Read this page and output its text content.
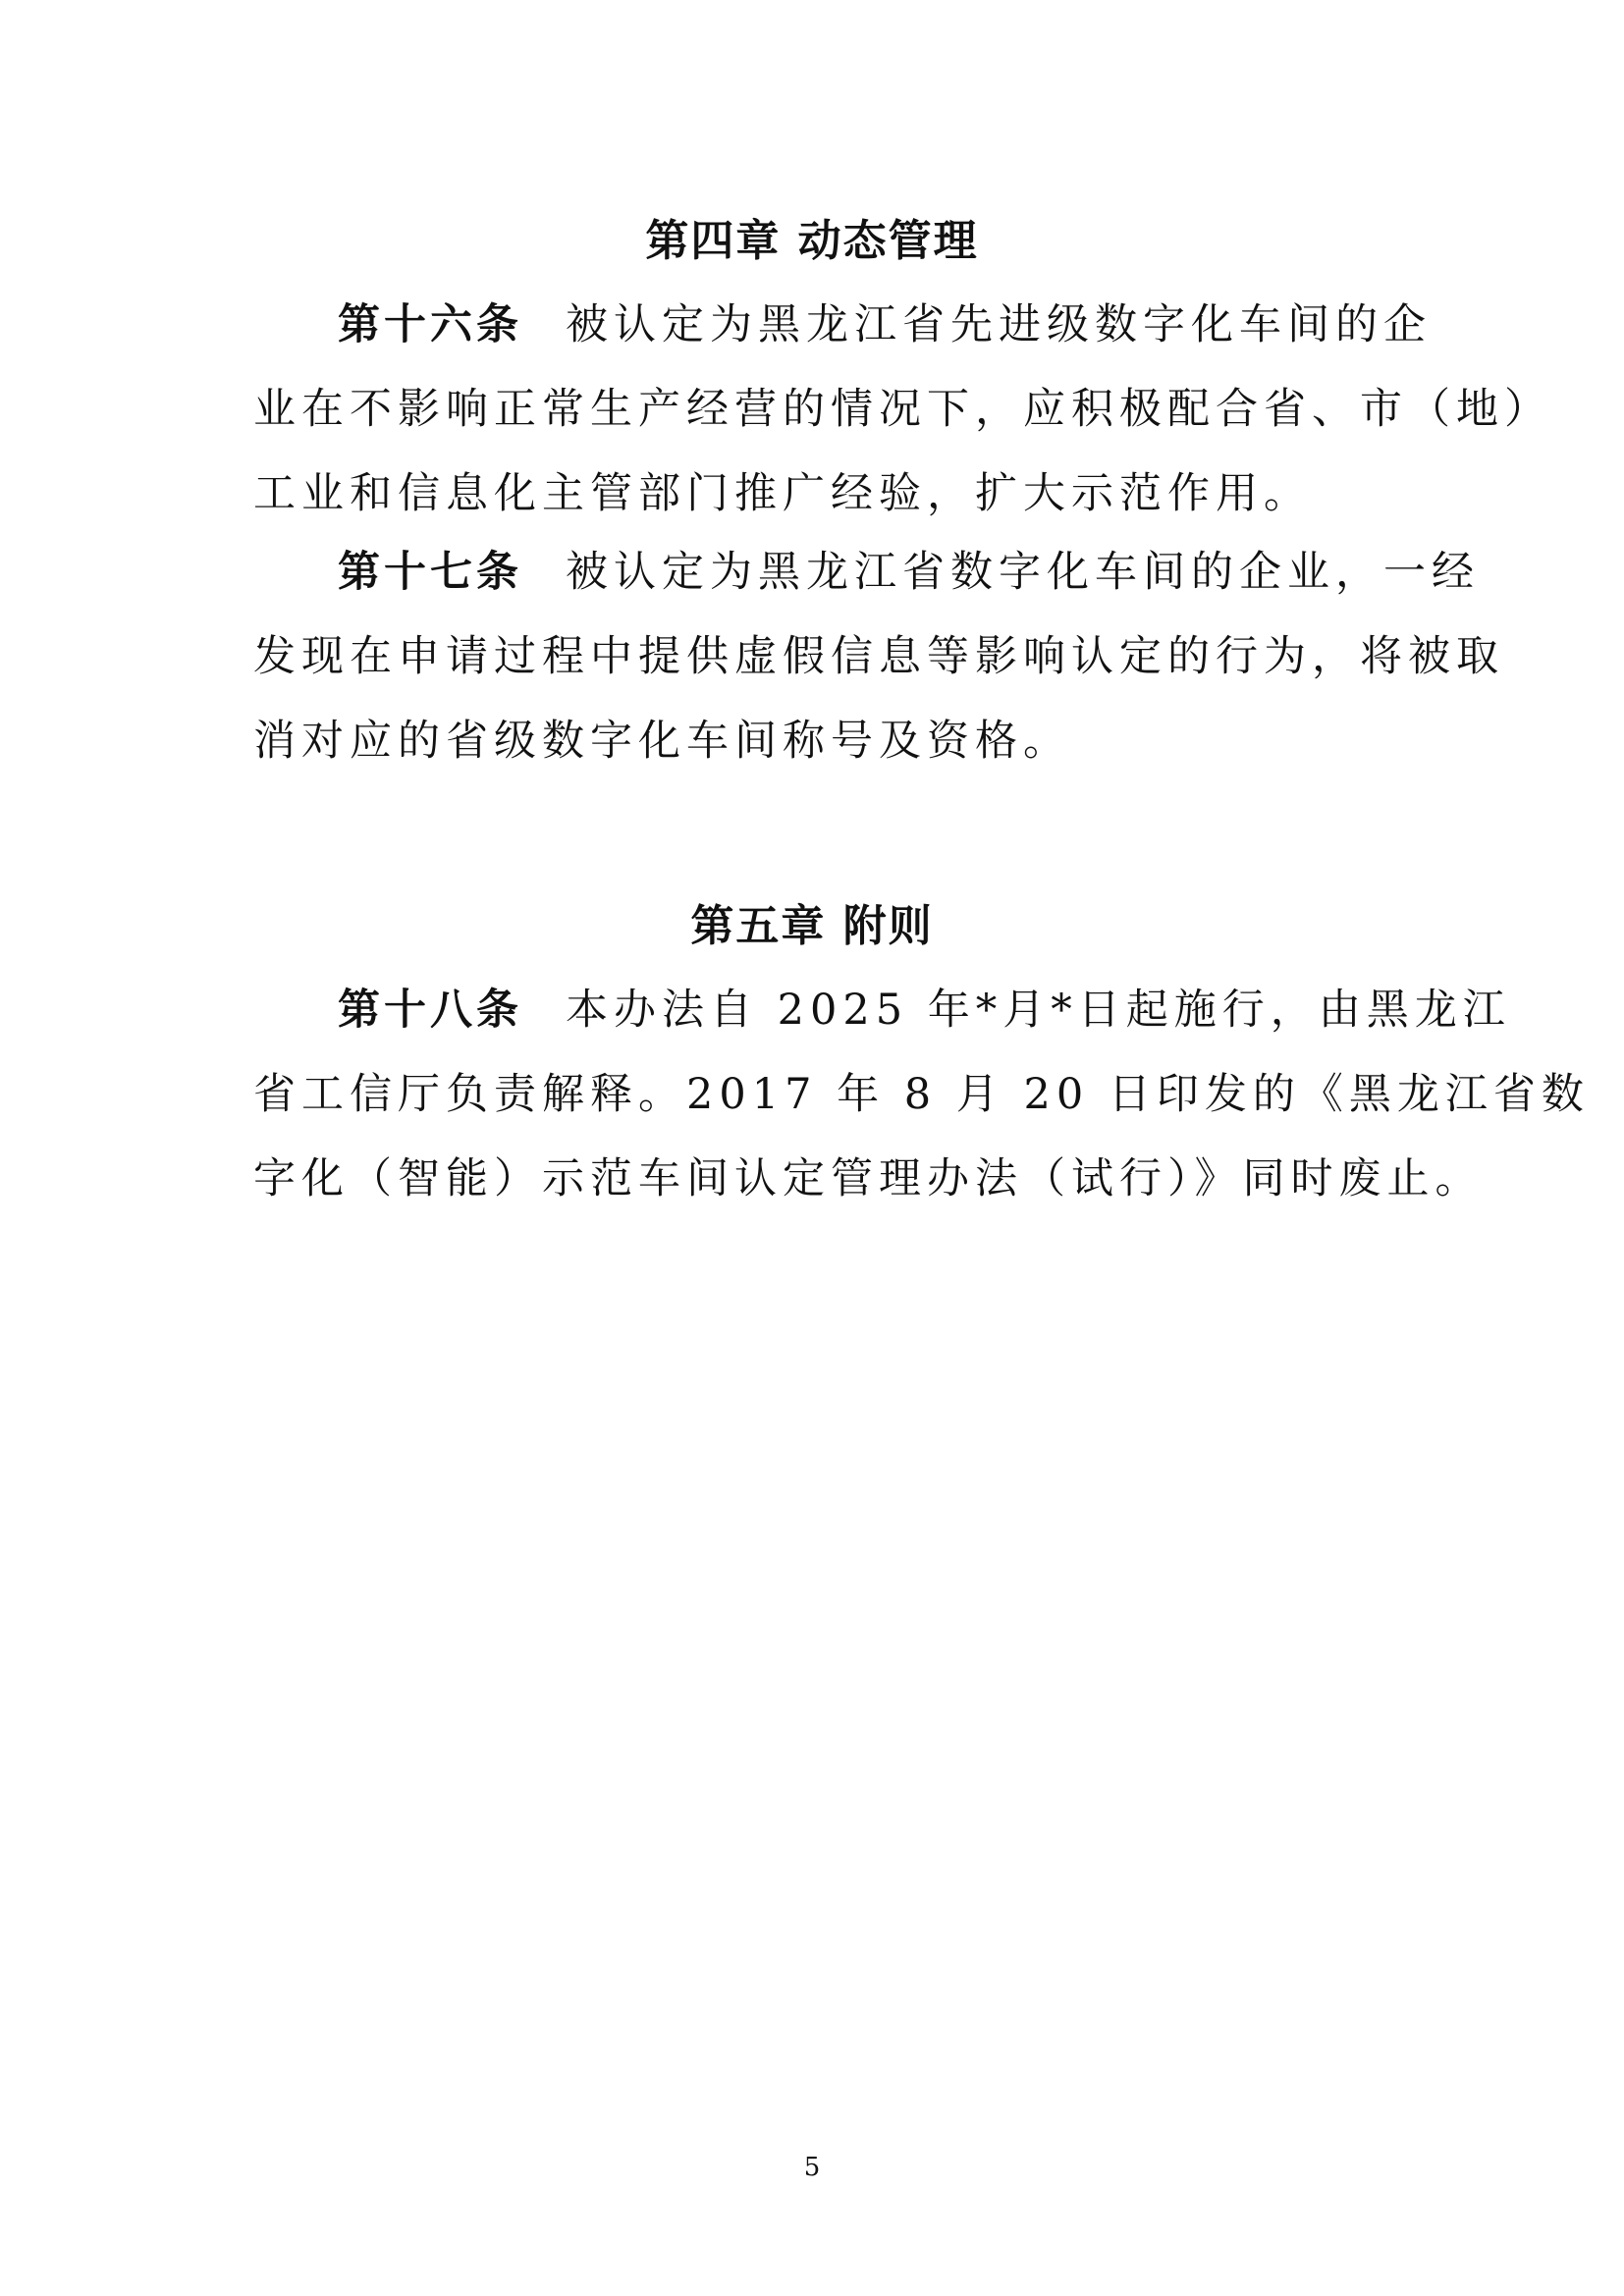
第四章 动态管理
第十六条 被认定为黑龙江省先进级数字化车间的企
业在不影响正常生产经营的情况下，应积极配合省、市（地）
工业和信息化主管部门推广经验，扩大示范作用。
第十七条 被认定为黑龙江省数字化车间的企业，一经
发现在申请过程中提供虚假信息等影响认定的行为，将被取
消对应的省级数字化车间称号及资格。
第五章 附则
第十八条 本办法自 2025 年*月*日起施行，由黑龙江
省工信厅负责解释。2017 年 8 月 20 日印发的《黑龙江省数
字化（智能）示范车间认定管理办法（试行）》同时废止。
5
